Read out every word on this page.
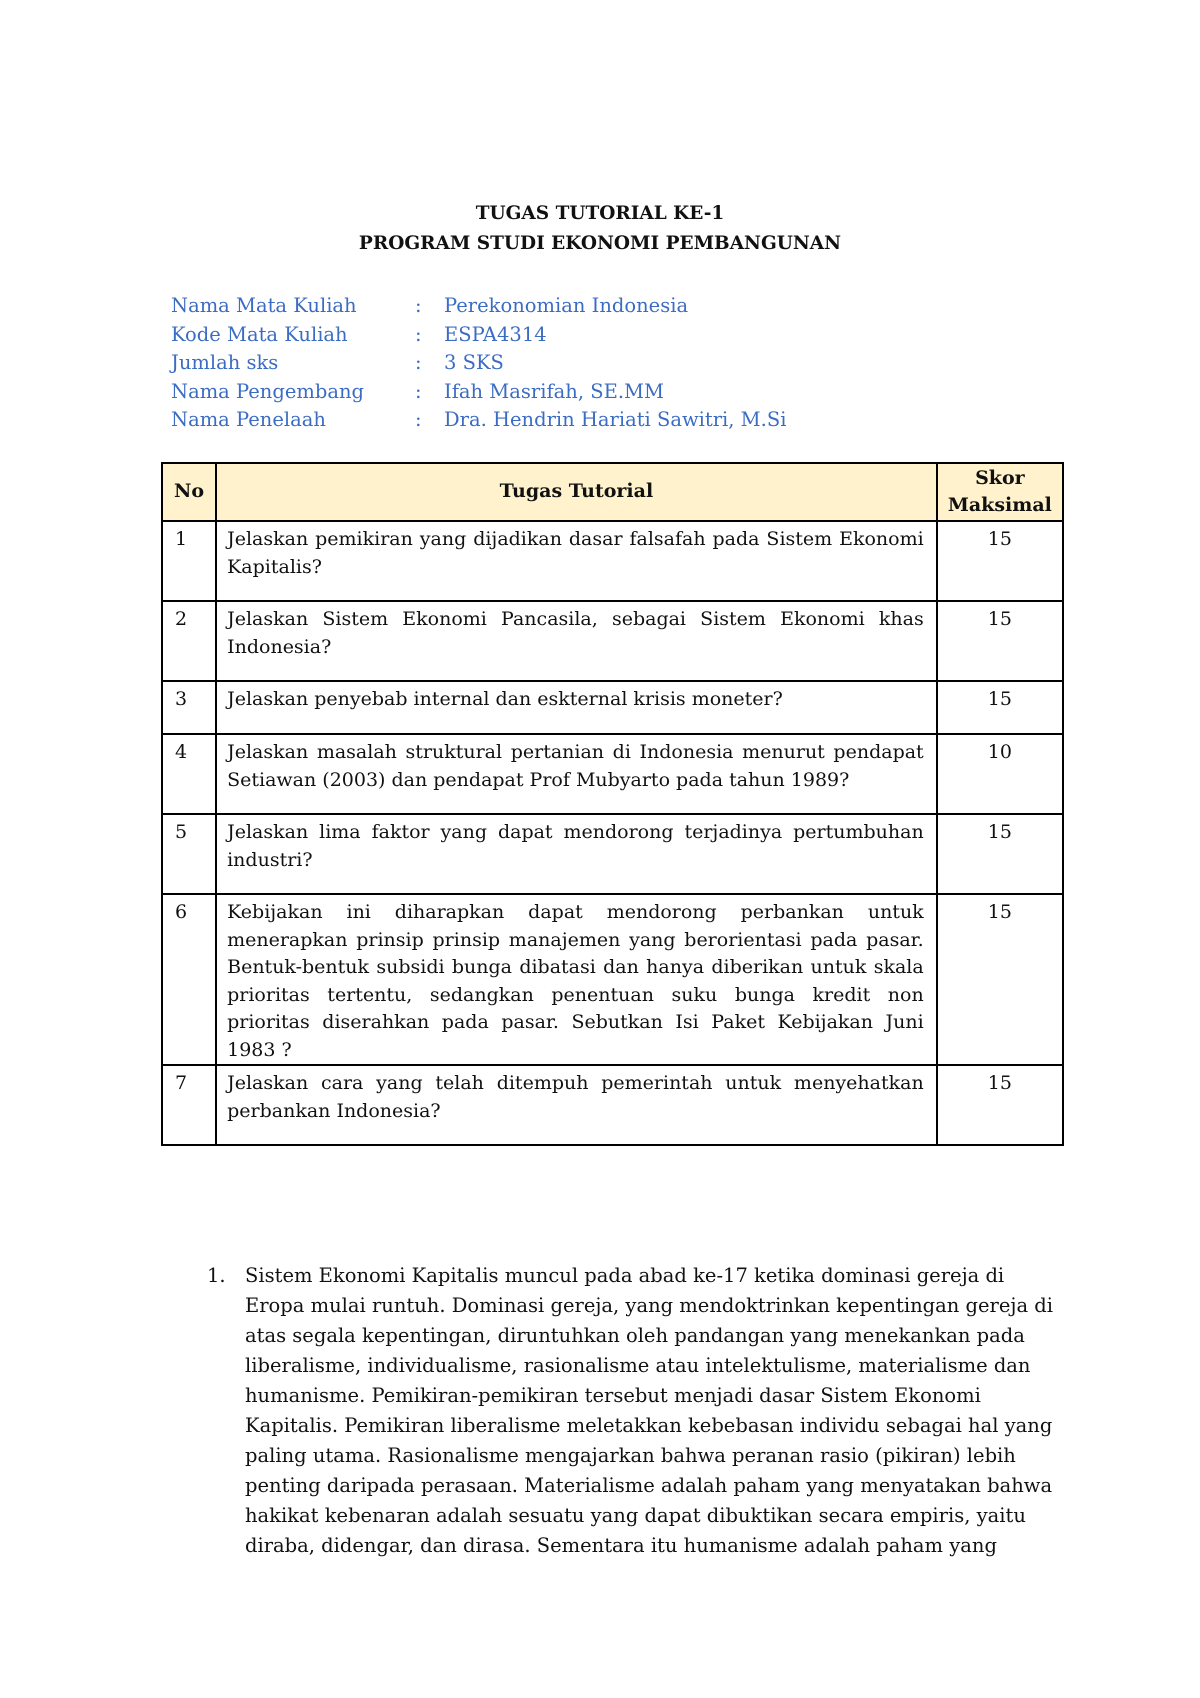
TUGAS TUTORIAL KE-1
PROGRAM STUDI EKONOMI PEMBANGUNAN
Nama Mata Kuliah	: Perekonomian Indonesia
Kode Mata Kuliah	: ESPA4314
Jumlah sks	: 3 SKS
Nama Pengembang	: Ifah Masrifah, SE.MM
Nama Penelaah	: Dra. Hendrin Hariati Sawitri, M.Si
No	Tugas Tutorial	Skor
Maksimal
1	Jelaskan pemikiran yang dijadikan dasar falsafah pada Sistem Ekonomi Kapitalis?	15
2	Jelaskan Sistem Ekonomi Pancasila, sebagai Sistem Ekonomi khas Indonesia?	15
3	Jelaskan penyebab internal dan eskternal krisis moneter?	15
4	Jelaskan masalah struktural pertanian di Indonesia menurut pendapat Setiawan (2003) dan pendapat Prof Mubyarto pada tahun 1989?	10
5	Jelaskan lima faktor yang dapat mendorong terjadinya pertumbuhan industri?	15
6	Kebijakan ini diharapkan dapat mendorong perbankan untuk menerapkan prinsip prinsip manajemen yang berorientasi pada pasar. Bentuk-bentuk subsidi bunga dibatasi dan hanya diberikan untuk skala prioritas tertentu, sedangkan penentuan suku bunga kredit non prioritas diserahkan pada pasar. Sebutkan Isi Paket Kebijakan Juni 1983 ?	15
7	Jelaskan cara yang telah ditempuh pemerintah untuk menyehatkan perbankan Indonesia?	15
1. Sistem Ekonomi Kapitalis muncul pada abad ke-17 ketika dominasi gereja di Eropa mulai runtuh. Dominasi gereja, yang mendoktrinkan kepentingan gereja di atas segala kepentingan, diruntuhkan oleh pandangan yang menekankan pada liberalisme, individualisme, rasionalisme atau intelektulisme, materialisme dan humanisme. Pemikiran-pemikiran tersebut menjadi dasar Sistem Ekonomi Kapitalis. Pemikiran liberalisme meletakkan kebebasan individu sebagai hal yang paling utama. Rasionalisme mengajarkan bahwa peranan rasio (pikiran) lebih penting daripada perasaan. Materialisme adalah paham yang menyatakan bahwa hakikat kebenaran adalah sesuatu yang dapat dibuktikan secara empiris, yaitu diraba, didengar, dan dirasa. Sementara itu humanisme adalah paham yang
